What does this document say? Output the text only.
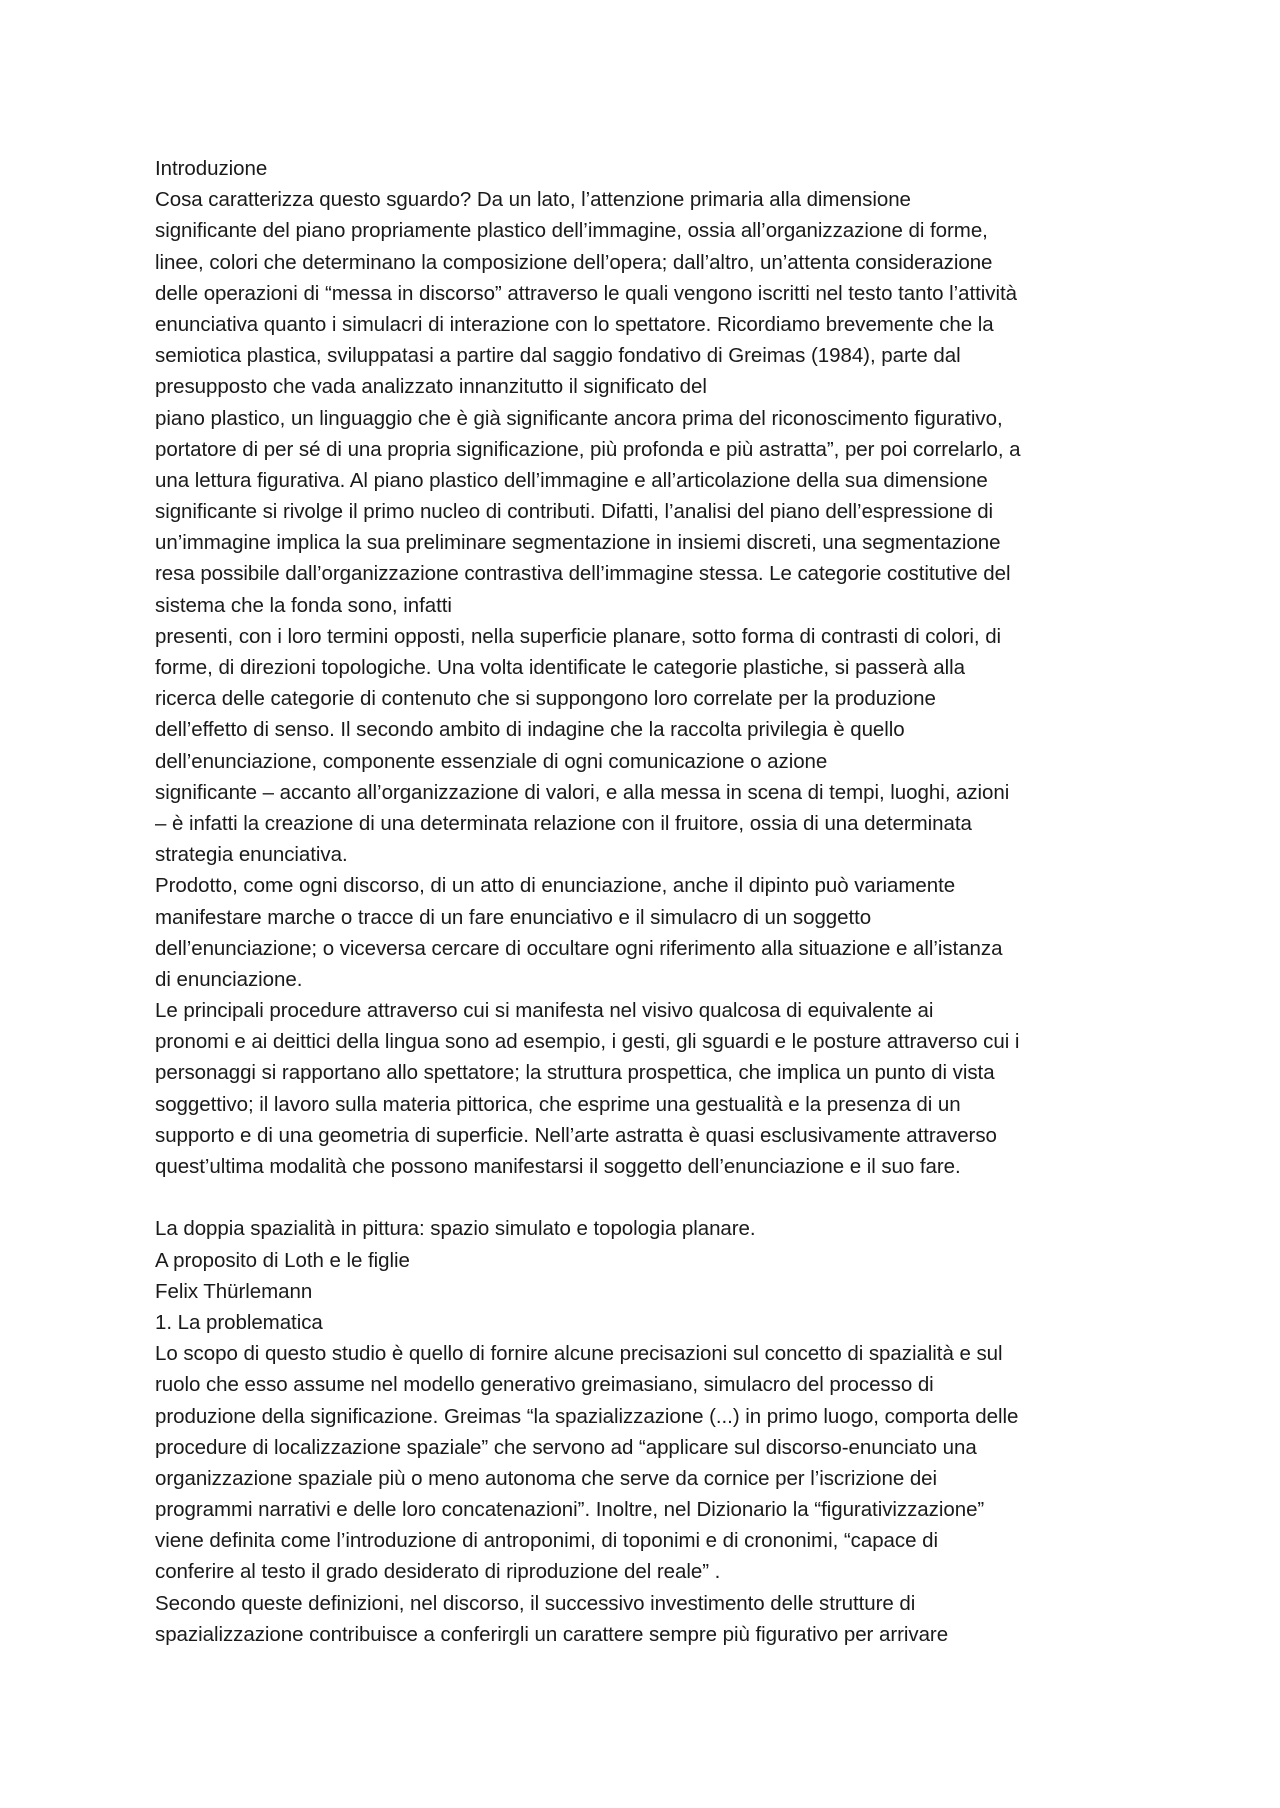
Introduzione
Cosa caratterizza questo sguardo? Da un lato, l’attenzione primaria alla dimensione
significante del piano propriamente plastico dell’immagine, ossia all’organizzazione di forme,
linee, colori che determinano la composizione dell’opera; dall’altro, un’attenta considerazione
delle operazioni di “messa in discorso” attraverso le quali vengono iscritti nel testo tanto l’attività
enunciativa quanto i simulacri di interazione con lo spettatore. Ricordiamo brevemente che la
semiotica plastica, sviluppatasi a partire dal saggio fondativo di Greimas (1984), parte dal
presupposto che vada analizzato innanzitutto il significato del
piano plastico, un linguaggio che è già significante ancora prima del riconoscimento figurativo,
portatore di per sé di una propria significazione, più profonda e più astratta”, per poi correlarlo, a
una lettura figurativa. Al piano plastico dell’immagine e all’articolazione della sua dimensione
significante si rivolge il primo nucleo di contributi. Difatti, l’analisi del piano dell’espressione di
un’immagine implica la sua preliminare segmentazione in insiemi discreti, una segmentazione
resa possibile dall’organizzazione contrastiva dell’immagine stessa. Le categorie costitutive del
sistema che la fonda sono, infatti
presenti, con i loro termini opposti, nella superficie planare, sotto forma di contrasti di colori, di
forme, di direzioni topologiche. Una volta identificate le categorie plastiche, si passerà alla
ricerca delle categorie di contenuto che si suppongono loro correlate per la produzione
dell’effetto di senso. Il secondo ambito di indagine che la raccolta privilegia è quello
dell’enunciazione, componente essenziale di ogni comunicazione o azione
significante – accanto all’organizzazione di valori, e alla messa in scena di tempi, luoghi, azioni
– è infatti la creazione di una determinata relazione con il fruitore, ossia di una determinata
strategia enunciativa.
Prodotto, come ogni discorso, di un atto di enunciazione, anche il dipinto può variamente
manifestare marche o tracce di un fare enunciativo e il simulacro di un soggetto
dell’enunciazione; o viceversa cercare di occultare ogni riferimento alla situazione e all’istanza
di enunciazione.
Le principali procedure attraverso cui si manifesta nel visivo qualcosa di equivalente ai
pronomi e ai deittici della lingua sono ad esempio, i gesti, gli sguardi e le posture attraverso cui i
personaggi si rapportano allo spettatore; la struttura prospettica, che implica un punto di vista
soggettivo; il lavoro sulla materia pittorica, che esprime una gestualità e la presenza di un
supporto e di una geometria di superficie. Nell’arte astratta è quasi esclusivamente attraverso
quest’ultima modalità che possono manifestarsi il soggetto dell’enunciazione e il suo fare.
La doppia spazialità in pittura: spazio simulato e topologia planare.
A proposito di Loth e le figlie
Felix Thürlemann
1. La problematica
Lo scopo di questo studio è quello di fornire alcune precisazioni sul concetto di spazialità e sul
ruolo che esso assume nel modello generativo greimasiano, simulacro del processo di
produzione della significazione. Greimas “la spazializzazione (...) in primo luogo, comporta delle
procedure di localizzazione spaziale” che servono ad “applicare sul discorso-enunciato una
organizzazione spaziale più o meno autonoma che serve da cornice per l’iscrizione dei
programmi narrativi e delle loro concatenazioni”. Inoltre, nel Dizionario la “figurativizzazione”
viene definita come l’introduzione di antroponimi, di toponimi e di crononimi, “capace di
conferire al testo il grado desiderato di riproduzione del reale” .
Secondo queste definizioni, nel discorso, il successivo investimento delle strutture di
spazializzazione contribuisce a conferirgli un carattere sempre più figurativo per arrivare
